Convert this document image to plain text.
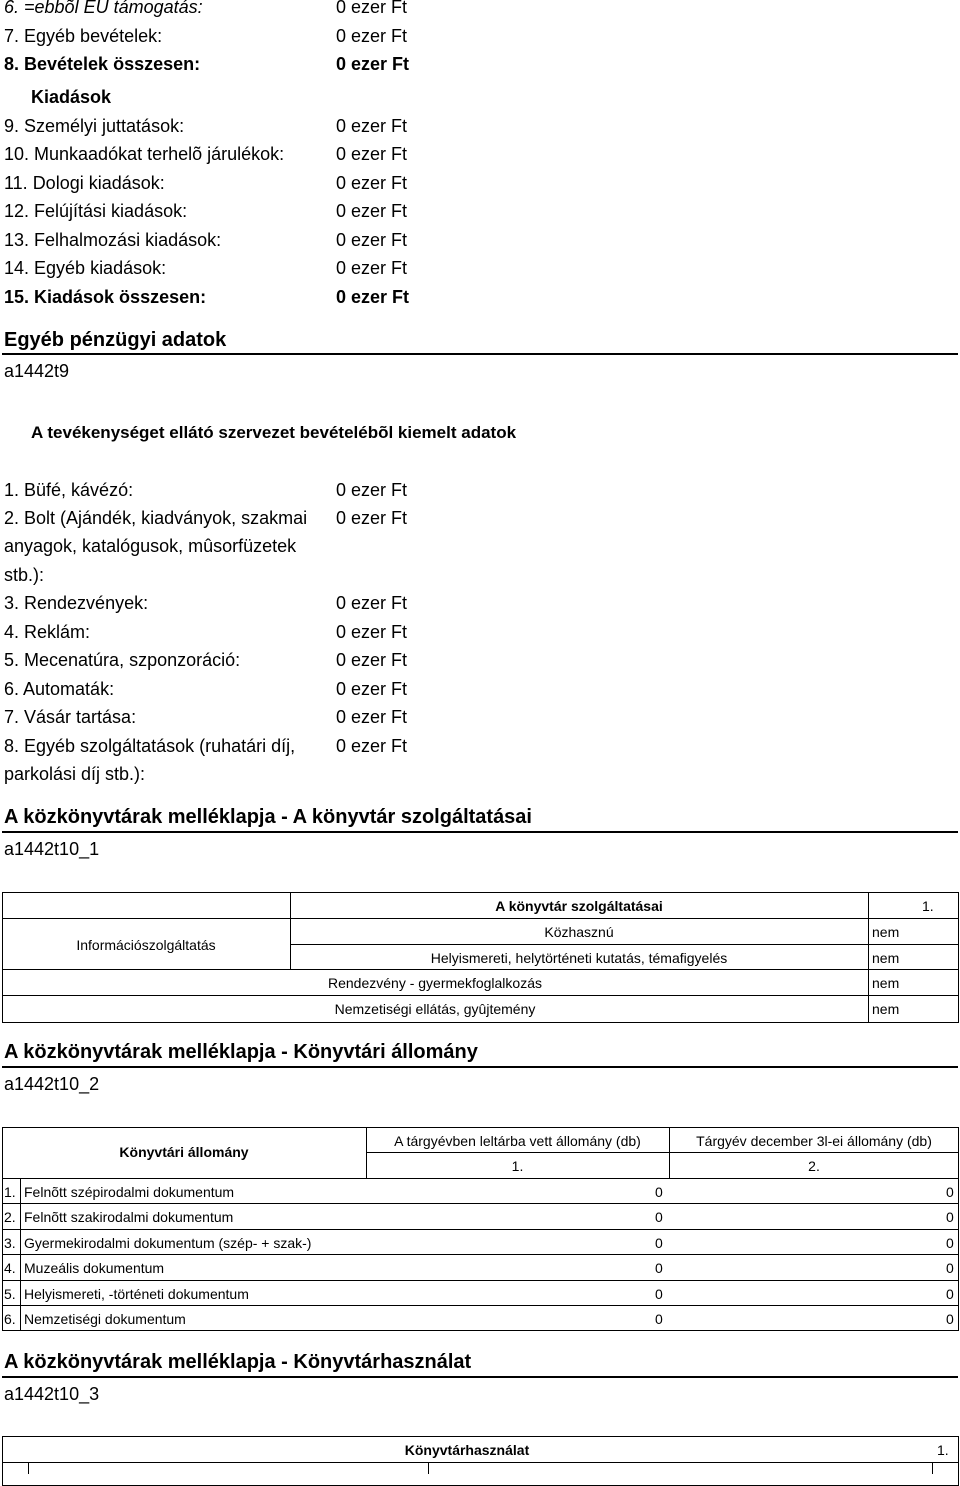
6. =ebbõl EU támogatás:	0 ezer Ft
7. Egyéb bevételek:	0 ezer Ft
8. Bevételek összesen:	0 ezer Ft
Kiadások
9. Személyi juttatások:	0 ezer Ft
10. Munkaadókat terhelõ járulékok:	0 ezer Ft
11. Dologi kiadások:	0 ezer Ft
12. Felújítási kiadások:	0 ezer Ft
13. Felhalmozási kiadások:	0 ezer Ft
14. Egyéb kiadások:	0 ezer Ft
15. Kiadások összesen:	0 ezer Ft
Egyéb pénzügyi adatok
a1442t9
A tevékenységet ellátó szervezet bevételébõl kiemelt adatok
1. Büfé, kávézó:	0 ezer Ft
2. Bolt (Ajándék, kiadványok, szakmai
anyagok, katalógusok, mûsorfüzetek
stb.):
0 ezer Ft
3. Rendezvények:	0 ezer Ft
4. Reklám:	0 ezer Ft
5. Mecenatúra, szponzoráció:	0 ezer Ft
6. Automaták:	0 ezer Ft
7. Vásár tartása:	0 ezer Ft
8. Egyéb szolgáltatások (ruhatári díj,
parkolási díj stb.):
0 ezer Ft
A közkönyvtárak melléklapja - A könyvtár szolgáltatásai
a1442t10_1
A könyvtár szolgáltatásai	1.
Információszolgáltatás
Közhasznú	nem
Helyismereti, helytörténeti kutatás, témafigyelés	nem
Rendezvény - gyermekfoglalkozás	nem
Nemzetiségi ellátás, gyûjtemény	nem
A közkönyvtárak melléklapja - Könyvtári állomány
a1442t10_2
Könyvtári állomány
A tárgyévben leltárba vett állomány (db)	Tárgyév december 3l-ei állomány (db)
1.	2.
1. Felnõtt szépirodalmi dokumentum	0	0
2. Felnõtt szakirodalmi dokumentum	0	0
3. Gyermekirodalmi dokumentum (szép- + szak-)	0	0
4. Muzeális dokumentum	0	0
5. Helyismereti, -történeti dokumentum	0	0
6. Nemzetiségi dokumentum	0	0
A közkönyvtárak melléklapja - Könyvtárhasználat
a1442t10_3
Könyvtárhasználat	1.
